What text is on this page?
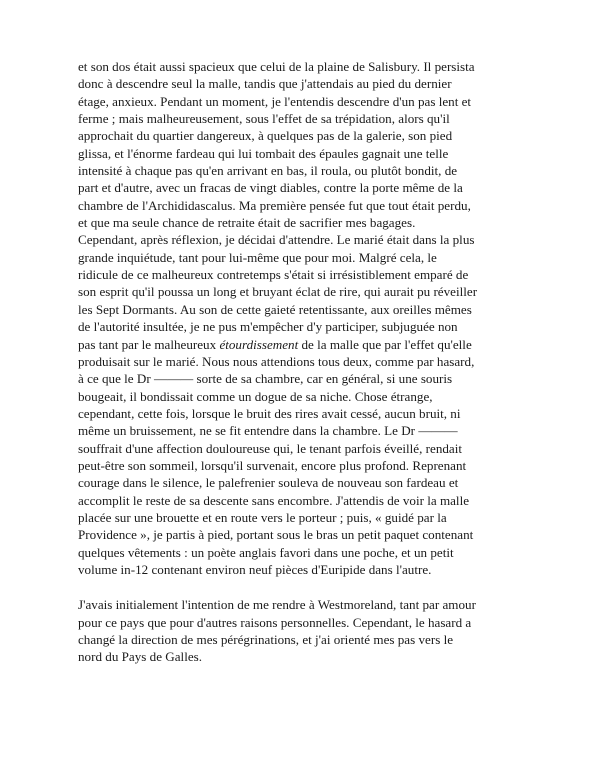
et son dos était aussi spacieux que celui de la plaine de Salisbury. Il persista
donc à descendre seul la malle, tandis que j'attendais au pied du dernier
étage, anxieux. Pendant un moment, je l'entendis descendre d'un pas lent et
ferme ; mais malheureusement, sous l'effet de sa trépidation, alors qu'il
approchait du quartier dangereux, à quelques pas de la galerie, son pied
glissa, et l'énorme fardeau qui lui tombait des épaules gagnait une telle
intensité à chaque pas qu'en arrivant en bas, il roula, ou plutôt bondit, de
part et d'autre, avec un fracas de vingt diables, contre la porte même de la
chambre de l'Archididascalus. Ma première pensée fut que tout était perdu,
et que ma seule chance de retraite était de sacrifier mes bagages.
Cependant, après réflexion, je décidai d'attendre. Le marié était dans la plus
grande inquiétude, tant pour lui-même que pour moi. Malgré cela, le
ridicule de ce malheureux contretemps s'était si irrésistiblement emparé de
son esprit qu'il poussa un long et bruyant éclat de rire, qui aurait pu réveiller
les Sept Dormants. Au son de cette gaieté retentissante, aux oreilles mêmes
de l'autorité insultée, je ne pus m'empêcher d'y participer, subjuguée non
pas tant par le malheureux étourdissement de la malle que par l'effet qu'elle
produisait sur le marié. Nous nous attendions tous deux, comme par hasard,
à ce que le Dr ——— sorte de sa chambre, car en général, si une souris
bougeait, il bondissait comme un dogue de sa niche. Chose étrange,
cependant, cette fois, lorsque le bruit des rires avait cessé, aucun bruit, ni
même un bruissement, ne se fit entendre dans la chambre. Le Dr ———
souffrait d'une affection douloureuse qui, le tenant parfois éveillé, rendait
peut-être son sommeil, lorsqu'il survenait, encore plus profond. Reprenant
courage dans le silence, le palefrenier souleva de nouveau son fardeau et
accomplit le reste de sa descente sans encombre. J'attendis de voir la malle
placée sur une brouette et en route vers le porteur ; puis, « guidé par la
Providence », je partis à pied, portant sous le bras un petit paquet contenant
quelques vêtements : un poète anglais favori dans une poche, et un petit
volume in-12 contenant environ neuf pièces d'Euripide dans l'autre.

J'avais initialement l'intention de me rendre à Westmoreland, tant par amour
pour ce pays que pour d'autres raisons personnelles. Cependant, le hasard a
changé la direction de mes pérégrinations, et j'ai orienté mes pas vers le
nord du Pays de Galles.
